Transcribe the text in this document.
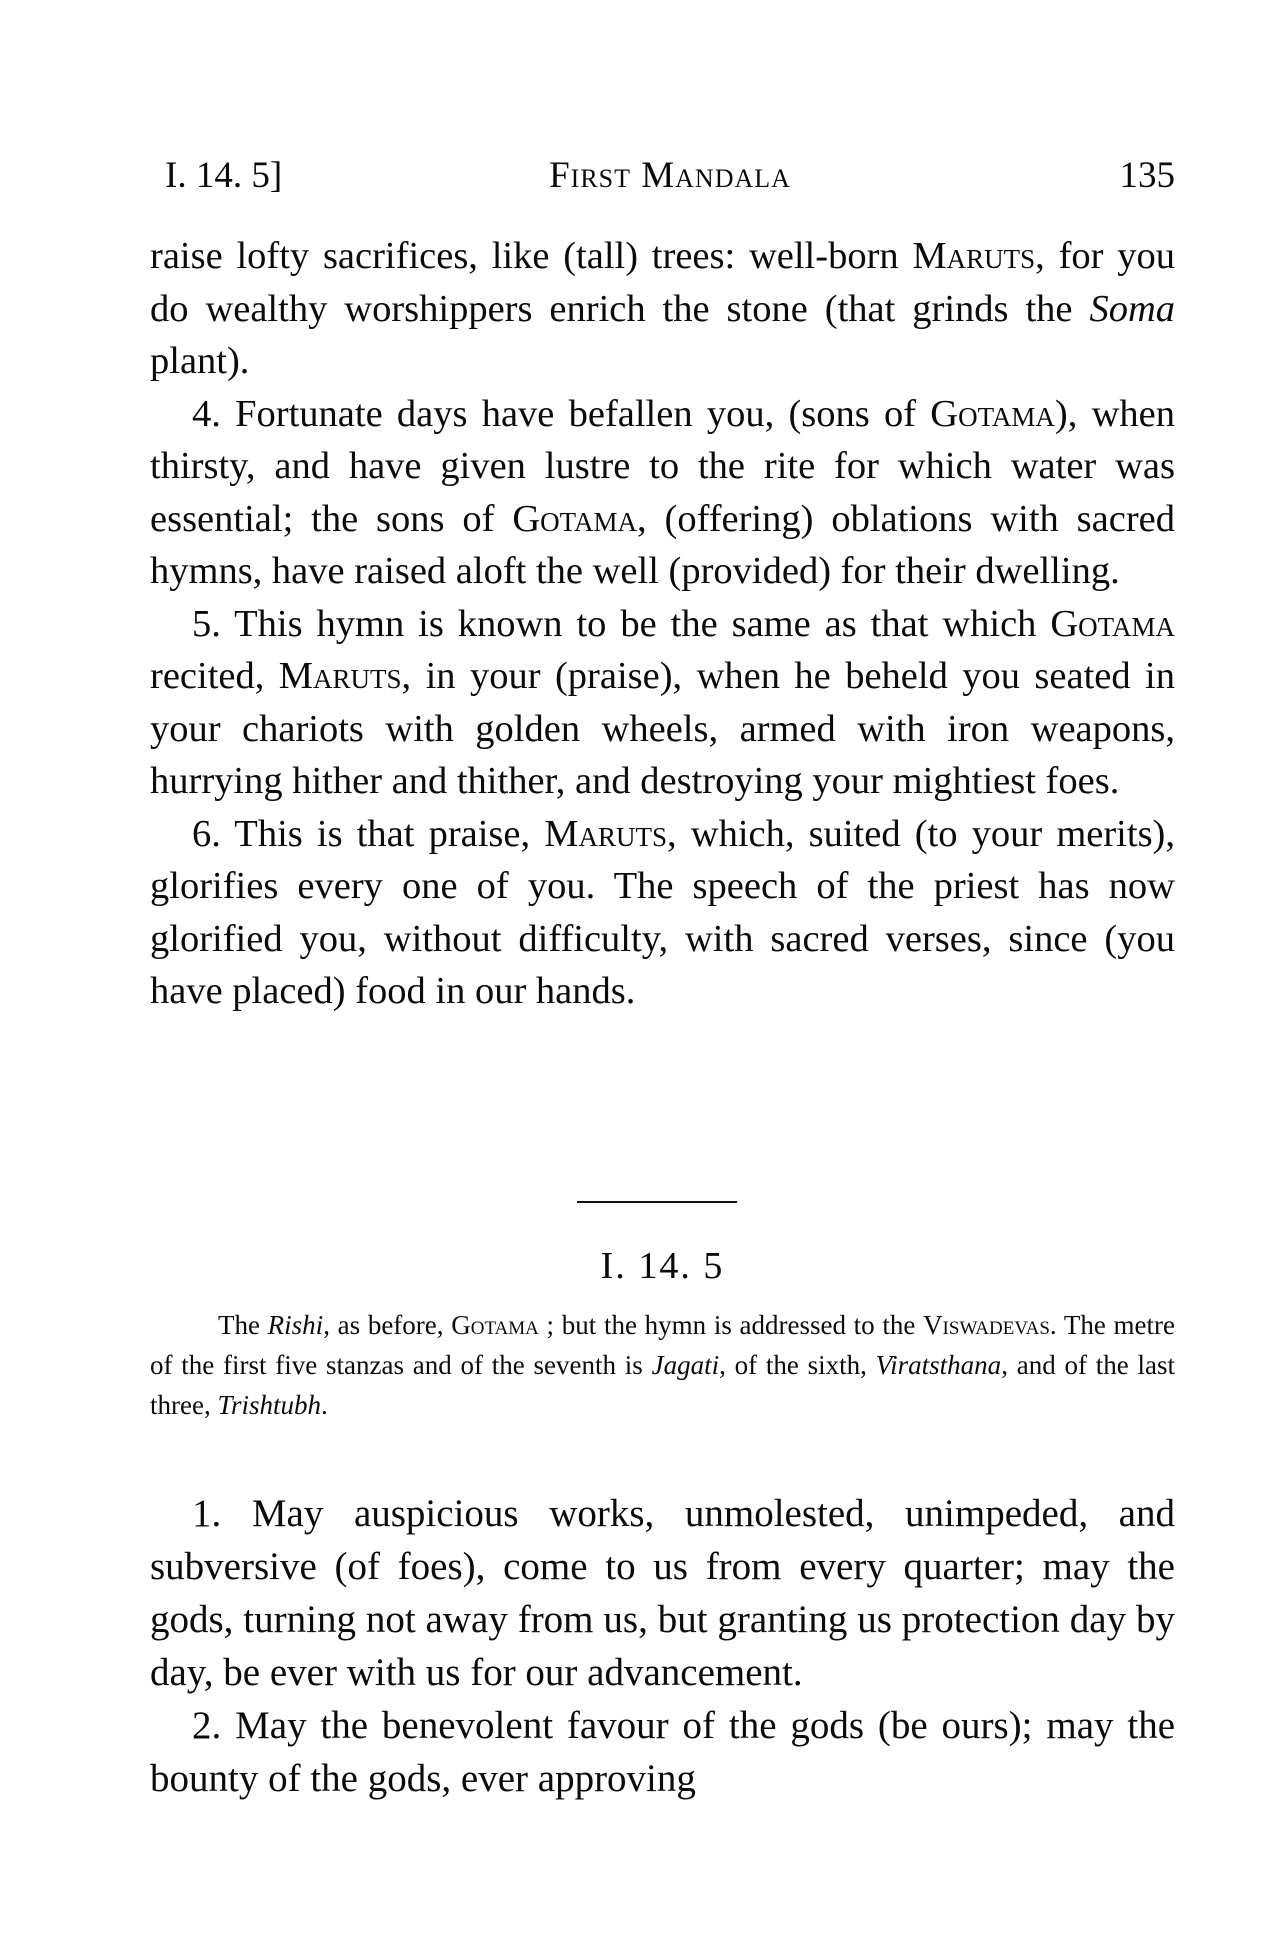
I. 14. 5]	First Mandala	135

raise lofty sacrifices, like (tall) trees: well-born Maruts, for you do wealthy worshippers enrich the stone (that grinds the Soma plant).

4. Fortunate days have befallen you, (sons of Gotama), when thirsty, and have given lustre to the rite for which water was essential; the sons of Gotama, (offering) oblations with sacred hymns, have raised aloft the well (provided) for their dwelling.

5. This hymn is known to be the same as that which Gotama recited, Maruts, in your (praise), when he beheld you seated in your chariots with golden wheels, armed with iron weapons, hurrying hither and thither, and destroying your mightiest foes.

6. This is that praise, Maruts, which, suited (to your merits), glorifies every one of you. The speech of the priest has now glorified you, without difficulty, with sacred verses, since (you have placed) food in our hands.

I. 14. 5

The Rishi, as before, Gotama ; but the hymn is addressed to the Viswadevas. The metre of the first five stanzas and of the seventh is Jagati, of the sixth, Viratsthana, and of the last three, Trishtubh.

1. May auspicious works, unmolested, unimpeded, and subversive (of foes), come to us from every quarter; may the gods, turning not away from us, but granting us protection day by day, be ever with us for our advancement.

2. May the benevolent favour of the gods (be ours); may the bounty of the gods, ever approving
